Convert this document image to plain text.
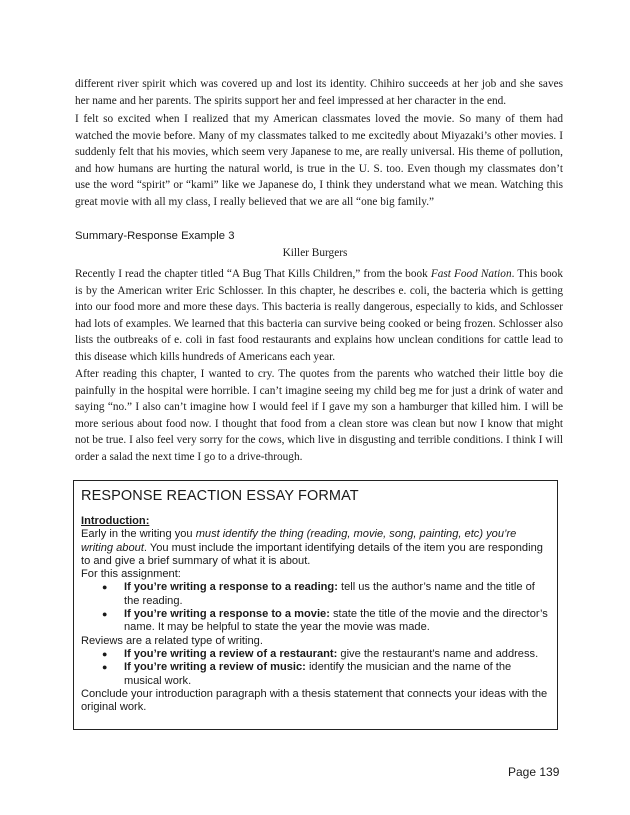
different river spirit which was covered up and lost its identity. Chihiro succeeds at her job and she saves her name and her parents. The spirits support her and feel impressed at her character in the end.

I felt so excited when I realized that my American classmates loved the movie. So many of them had watched the movie before. Many of my classmates talked to me excitedly about Miyazaki’s other movies. I suddenly felt that his movies, which seem very Japanese to me, are really universal. His theme of pollution, and how humans are hurting the natural world, is true in the U. S. too. Even though my classmates don’t use the word “spirit” or “kami” like we Japanese do, I think they understand what we mean. Watching this great movie with all my class, I really believed that we are all “one big family.”

Summary-Response Example 3
Killer Burgers

Recently I read the chapter titled “A Bug That Kills Children,” from the book Fast Food Nation. This book is by the American writer Eric Schlosser. In this chapter, he describes e. coli, the bacteria which is getting into our food more and more these days. This bacteria is really dangerous, especially to kids, and Schlosser had lots of examples. We learned that this bacteria can survive being cooked or being frozen. Schlosser also lists the outbreaks of e. coli in fast food restaurants and explains how unclean conditions for cattle lead to this disease which kills hundreds of Americans each year.

After reading this chapter, I wanted to cry. The quotes from the parents who watched their little boy die painfully in the hospital were horrible. I can’t imagine seeing my child beg me for just a drink of water and saying “no.” I also can’t imagine how I would feel if I gave my son a hamburger that killed him. I will be more serious about food now. I thought that food from a clean store was clean but now I know that might not be true. I also feel very sorry for the cows, which live in disgusting and terrible conditions. I think I will order a salad the next time I go to a drive-through.

RESPONSE REACTION ESSAY FORMAT

Introduction:

Early in the writing you must identify the thing (reading, movie, song, painting, etc) you’re writing about. You must include the important identifying details of the item you are responding to and give a brief summary of what it is about.

For this assignment:

● If you’re writing a response to a reading: tell us the author’s name and the title of the reading.
● If you’re writing a response to a movie: state the title of the movie and the director’s name. It may be helpful to state the year the movie was made.

Reviews are a related type of writing.

● If you’re writing a review of a restaurant: give the restaurant’s name and address.
● If you’re writing a review of music: identify the musician and the name of the musical work.

Conclude your introduction paragraph with a thesis statement that connects your ideas with the original work.

Page 139
